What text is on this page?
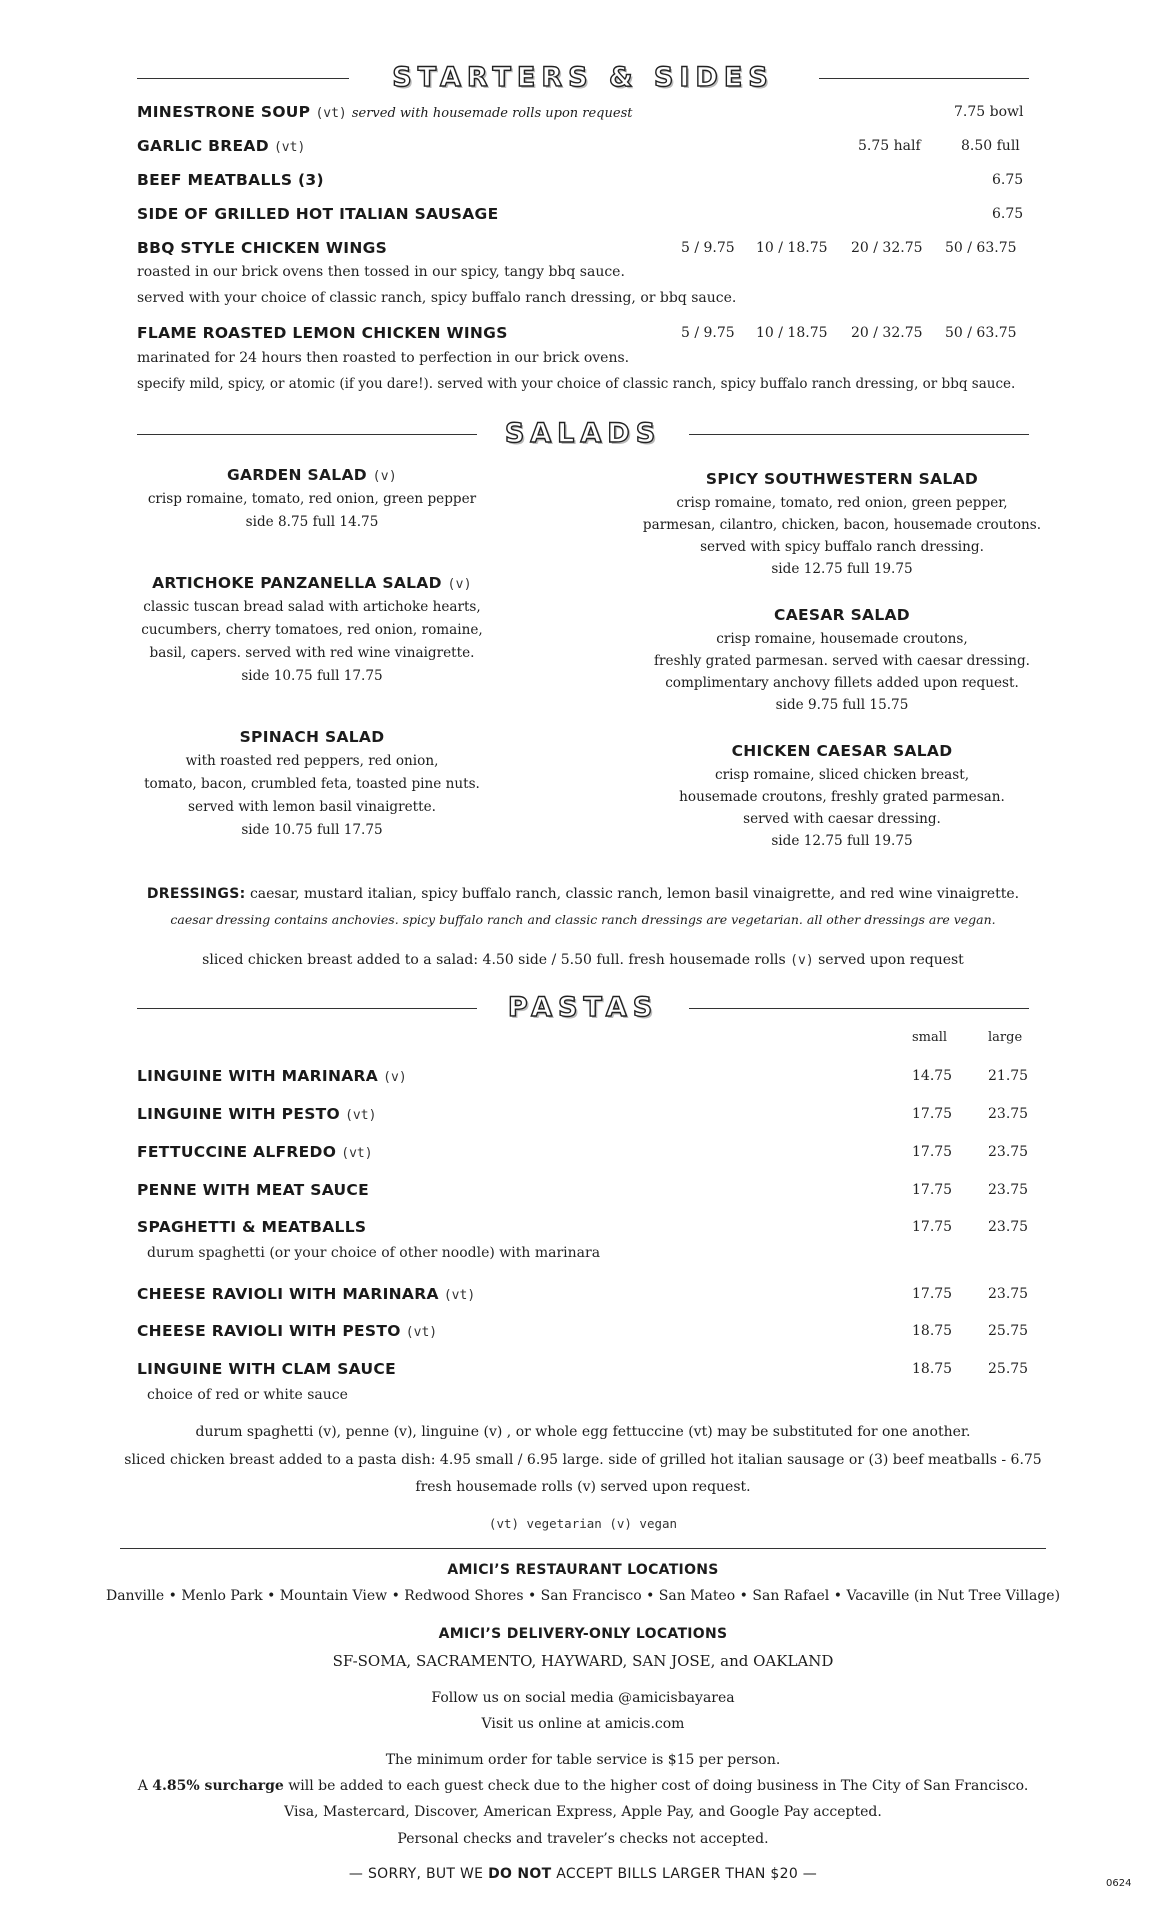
STARTERS & SIDES
MINESTRONE SOUP (vt) served with housemade rolls upon request	7.75 bowl
GARLIC BREAD (vt)	5.75 half	8.50 full
BEEF MEATBALLS (3)	6.75
SIDE OF GRILLED HOT ITALIAN SAUSAGE	6.75
BBQ STYLE CHICKEN WINGS	5 / 9.75 10 / 18.75 20 / 32.75 50 / 63.75
roasted in our brick ovens then tossed in our spicy, tangy bbq sauce.
served with your choice of classic ranch, spicy buffalo ranch dressing, or bbq sauce.
FLAME ROASTED LEMON CHICKEN WINGS	5 / 9.75 10 / 18.75 20 / 32.75 50 / 63.75
marinated for 24 hours then roasted to perfection in our brick ovens.
specify mild, spicy, or atomic (if you dare!). served with your choice of classic ranch, spicy buffalo ranch dressing, or bbq sauce.
SALADS
GARDEN SALAD (v)
crisp romaine, tomato, red onion, green pepper
side 8.75 full 14.75
ARTICHOKE PANZANELLA SALAD (v)
classic tuscan bread salad with artichoke hearts,
cucumbers, cherry tomatoes, red onion, romaine,
basil, capers. served with red wine vinaigrette.
side 10.75 full 17.75
SPINACH SALAD
with roasted red peppers, red onion,
tomato, bacon, crumbled feta, toasted pine nuts.
served with lemon basil vinaigrette.
side 10.75 full 17.75
SPICY SOUTHWESTERN SALAD
crisp romaine, tomato, red onion, green pepper,
parmesan, cilantro, chicken, bacon, housemade croutons.
served with spicy buffalo ranch dressing.
side 12.75 full 19.75
CAESAR SALAD
crisp romaine, housemade croutons,
freshly grated parmesan. served with caesar dressing.
complimentary anchovy fillets added upon request.
side 9.75 full 15.75
CHICKEN CAESAR SALAD
crisp romaine, sliced chicken breast,
housemade croutons, freshly grated parmesan.
served with caesar dressing.
side 12.75 full 19.75
DRESSINGS: caesar, mustard italian, spicy buffalo ranch, classic ranch, lemon basil vinaigrette, and red wine vinaigrette.
caesar dressing contains anchovies. spicy buffalo ranch and classic ranch dressings are vegetarian. all other dressings are vegan.
sliced chicken breast added to a salad: 4.50 side / 5.50 full. fresh housemade rolls (v) served upon request
PASTAS
small	large
LINGUINE WITH MARINARA (v)	14.75	21.75
LINGUINE WITH PESTO (vt)	17.75	23.75
FETTUCCINE ALFREDO (vt)	17.75	23.75
PENNE WITH MEAT SAUCE	17.75	23.75
SPAGHETTI & MEATBALLS	17.75	23.75
durum spaghetti (or your choice of other noodle) with marinara
CHEESE RAVIOLI WITH MARINARA (vt)	17.75	23.75
CHEESE RAVIOLI WITH PESTO (vt)	18.75	25.75
LINGUINE WITH CLAM SAUCE	18.75	25.75
choice of red or white sauce
durum spaghetti (v), penne (v), linguine (v) , or whole egg fettuccine (vt) may be substituted for one another.
sliced chicken breast added to a pasta dish: 4.95 small / 6.95 large. side of grilled hot italian sausage or (3) beef meatballs - 6.75
fresh housemade rolls (v) served upon request.
(vt) vegetarian (v) vegan
AMICI’S RESTAURANT LOCATIONS
Danville • Menlo Park • Mountain View • Redwood Shores • San Francisco • San Mateo • San Rafael • Vacaville (in Nut Tree Village)
AMICI’S DELIVERY-ONLY LOCATIONS
SF-SOMA, SACRAMENTO, HAYWARD, SAN JOSE, and OAKLAND
Follow us on social media @amicisbayarea
Visit us online at amicis.com
The minimum order for table service is $15 per person.
A 4.85% surcharge will be added to each guest check due to the higher cost of doing business in The City of San Francisco.
Visa, Mastercard, Discover, American Express, Apple Pay, and Google Pay accepted.
Personal checks and traveler’s checks not accepted.
— SORRY, BUT WE DO NOT ACCEPT BILLS LARGER THAN $20 —
0624
